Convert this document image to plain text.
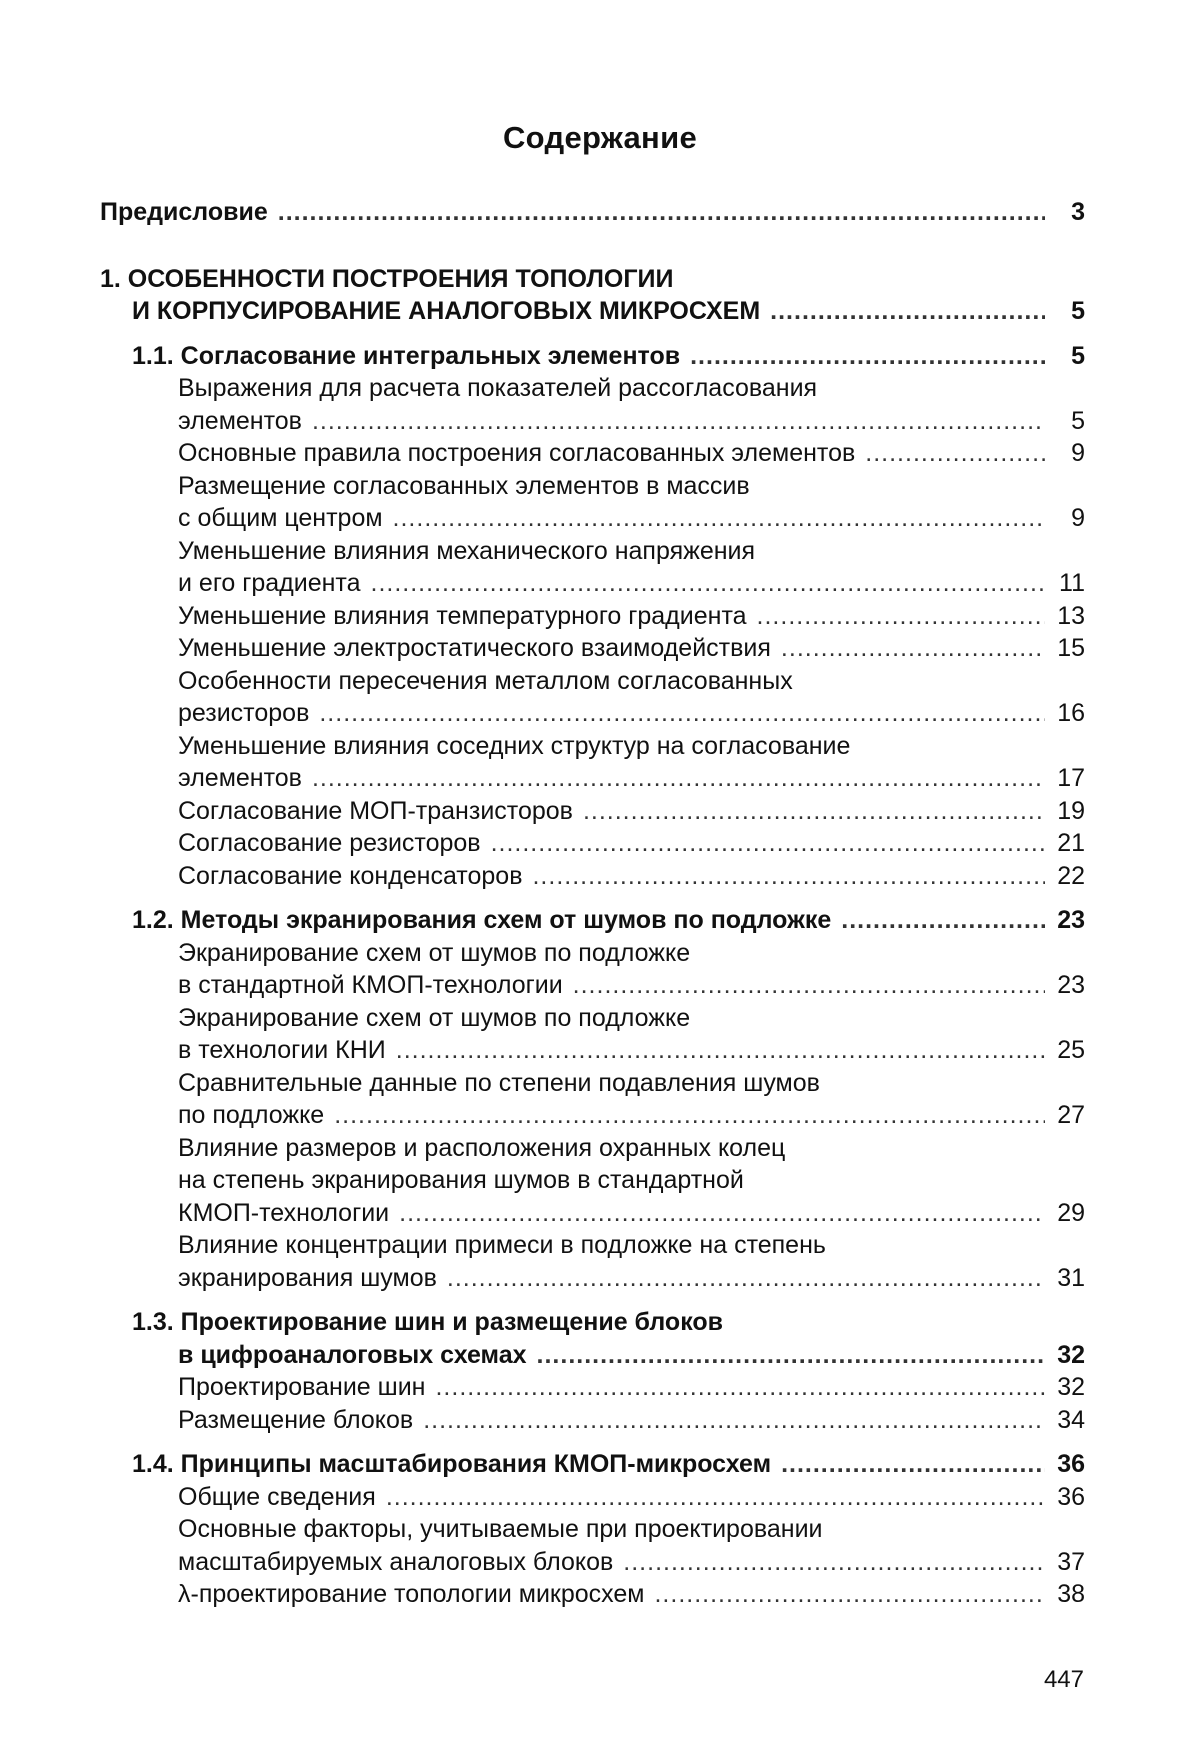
Содержание
Предисловие .....	3
1. ОСОБЕННОСТИ ПОСТРОЕНИЯ ТОПОЛОГИИ
И КОРПУСИРОВАНИЕ АНАЛОГОВЫХ МИКРОСХЕМ .....	5
1.1. Согласование интегральных элементов .....	5
Выражения для расчета показателей рассогласования
элементов .....	5
Основные правила построения согласованных элементов .....	9
Размещение согласованных элементов в массив
с общим центром .....	9
Уменьшение влияния механического напряжения
и его градиента .....	11
Уменьшение влияния температурного градиента .....	13
Уменьшение электростатического взаимодействия .....	15
Особенности пересечения металлом согласованных
резисторов .....	16
Уменьшение влияния соседних структур на согласование
элементов .....	17
Согласование МОП-транзисторов .....	19
Согласование резисторов .....	21
Согласование конденсаторов .....	22
1.2. Методы экранирования схем от шумов по подложке .....	23
Экранирование схем от шумов по подложке
в стандартной КМОП-технологии .....	23
Экранирование схем от шумов по подложке
в технологии КНИ .....	25
Сравнительные данные по степени подавления шумов
по подложке .....	27
Влияние размеров и расположения охранных колец
на степень экранирования шумов в стандартной
КМОП-технологии .....	29
Влияние концентрации примеси в подложке на степень
экранирования шумов .....	31
1.3. Проектирование шин и размещение блоков
в цифроаналоговых схемах .....	32
Проектирование шин .....	32
Размещение блоков .....	34
1.4. Принципы масштабирования КМОП-микросхем .....	36
Общие сведения .....	36
Основные факторы, учитываемые при проектировании
масштабируемых аналоговых блоков .....	37
λ-проектирование топологии микросхем .....	38
447
